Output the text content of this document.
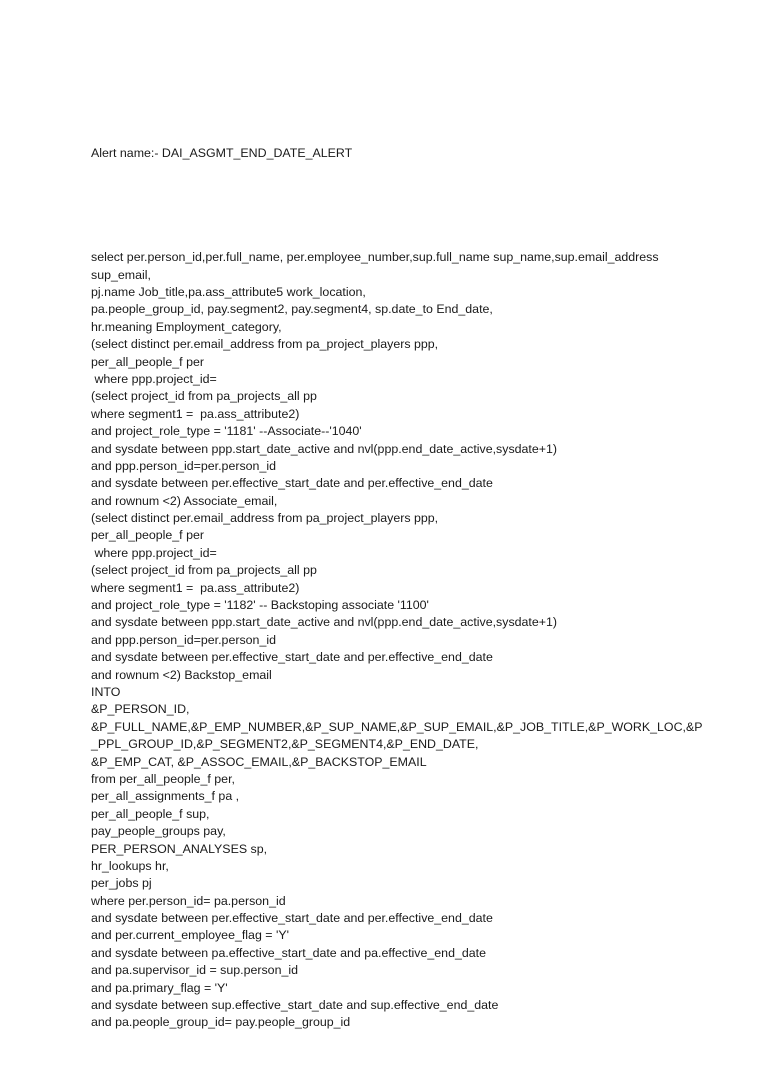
Alert name:- DAI_ASGMT_END_DATE_ALERT

select per.person_id,per.full_name, per.employee_number,sup.full_name sup_name,sup.email_address
sup_email,
pj.name Job_title,pa.ass_attribute5 work_location,
pa.people_group_id, pay.segment2, pay.segment4, sp.date_to End_date,
hr.meaning Employment_category,
(select distinct per.email_address from pa_project_players ppp,
per_all_people_f per
where ppp.project_id=
(select project_id from pa_projects_all pp
where segment1 =  pa.ass_attribute2)
and project_role_type = '1181' --Associate--'1040'
and sysdate between ppp.start_date_active and nvl(ppp.end_date_active,sysdate+1)
and ppp.person_id=per.person_id
and sysdate between per.effective_start_date and per.effective_end_date
and rownum <2) Associate_email,
(select distinct per.email_address from pa_project_players ppp,
per_all_people_f per
where ppp.project_id=
(select project_id from pa_projects_all pp
where segment1 =  pa.ass_attribute2)
and project_role_type = '1182' -- Backstoping associate '1100'
and sysdate between ppp.start_date_active and nvl(ppp.end_date_active,sysdate+1)
and ppp.person_id=per.person_id
and sysdate between per.effective_start_date and per.effective_end_date
and rownum <2) Backstop_email
INTO
&P_PERSON_ID,
&P_FULL_NAME,&P_EMP_NUMBER,&P_SUP_NAME,&P_SUP_EMAIL,&P_JOB_TITLE,&P_WORK_LOC,&P
_PPL_GROUP_ID,&P_SEGMENT2,&P_SEGMENT4,&P_END_DATE,
&P_EMP_CAT, &P_ASSOC_EMAIL,&P_BACKSTOP_EMAIL
from per_all_people_f per,
per_all_assignments_f pa ,
per_all_people_f sup,
pay_people_groups pay,
PER_PERSON_ANALYSES sp,
hr_lookups hr,
per_jobs pj
where per.person_id= pa.person_id
and sysdate between per.effective_start_date and per.effective_end_date
and per.current_employee_flag = 'Y'
and sysdate between pa.effective_start_date and pa.effective_end_date
and pa.supervisor_id = sup.person_id
and pa.primary_flag = 'Y'
and sysdate between sup.effective_start_date and sup.effective_end_date
and pa.people_group_id= pay.people_group_id
